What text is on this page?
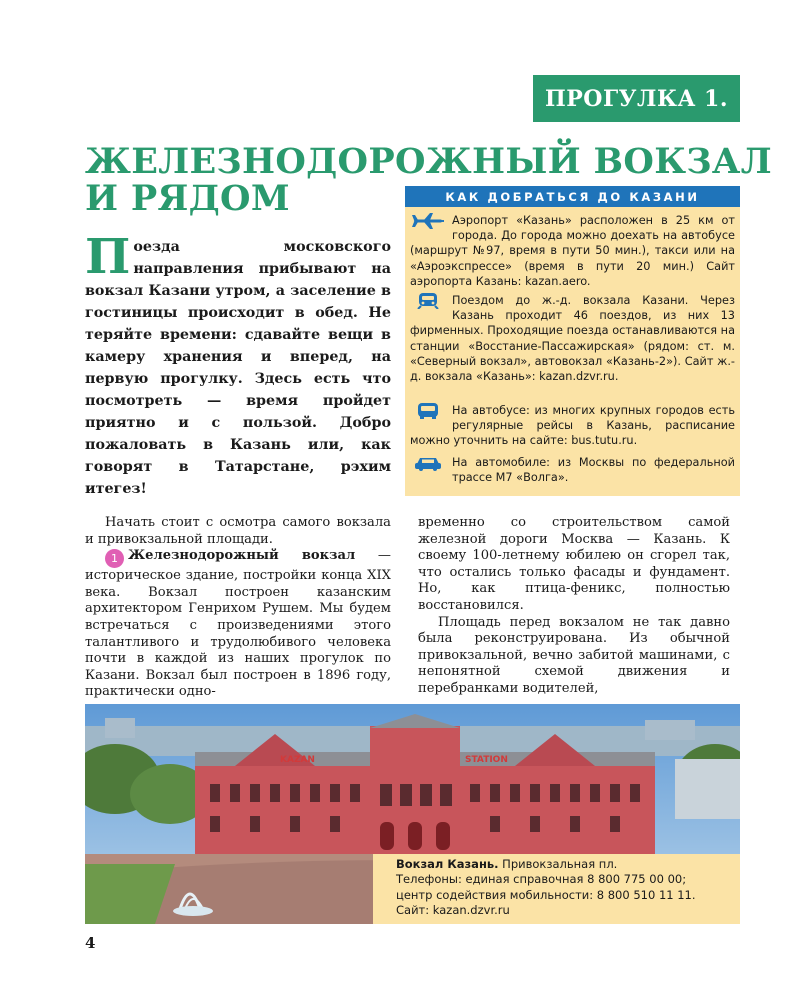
ПРОГУЛКА 1.
ЖЕЛЕЗНОДОРОЖНЫЙ ВОКЗАЛ
И РЯДОМ
Поезда московского направления прибывают на вокзал Казани утром, а заселение в гостиницы происходит в обед. Не теряйте времени: сдавайте вещи в камеру хранения и вперед, на первую прогулку. Здесь есть что посмотреть — время пройдет приятно и с пользой. Добро пожаловать в Казань или, как говорят в Татарстане, рэхим итегез!
КАК ДОБРАТЬСЯ ДО КАЗАНИ
Аэропорт «Казань» расположен в 25 км от города. До города можно доехать на автобусе (маршрут №97, время в пути 50 мин.), такси или на «Аэроэкспрессе» (время в пути 20 мин.) Сайт аэропорта Казань: kazan.aero.
Поездом до ж.-д. вокзала Казани. Через Казань проходит 46 поездов, из них 13 фирменных. Проходящие поезда останавливаются на станции «Восстание-Пассажирская» (рядом: ст. м. «Северный вокзал», автовокзал «Казань-2»). Сайт ж.-д. вокзала «Казань»: kazan.dzvr.ru.
На автобусе: из многих крупных городов есть регулярные рейсы в Казань, расписание можно уточнить на сайте: bus.tutu.ru.
На автомобиле: из Москвы по федеральной трассе М7 «Волга».

Начать стоит с осмотра самого вокзала и привокзальной площади.

1 Железнодорожный вокзал — историческое здание, постройки конца XIX века. Вокзал построен казанским архитектором Генрихом Рушем. Мы будем встречаться с произведениями этого талантливого и трудолюбивого человека почти в каждой из наших прогулок по Казани. Вокзал был построен в 1896 году, практически одно-

временно со строительством самой железной дороги Москва — Казань. К своему 100-летнему юбилею он сгорел так, что остались только фасады и фундамент. Но, как птица-феникс, полностью восстановился.

Площадь перед вокзалом не так давно была реконструирована. Из обычной привокзальной, вечно забитой машинами, с непонятной схемой движения и перебранками водителей,

KAZAN	STATION
Вокзал Казань. Привокзальная пл.
Телефоны: единая справочная 8 800 775 00 00;
центр содействия мобильности: 8 800 510 11 11.
Сайт: kazan.dzvr.ru
4
